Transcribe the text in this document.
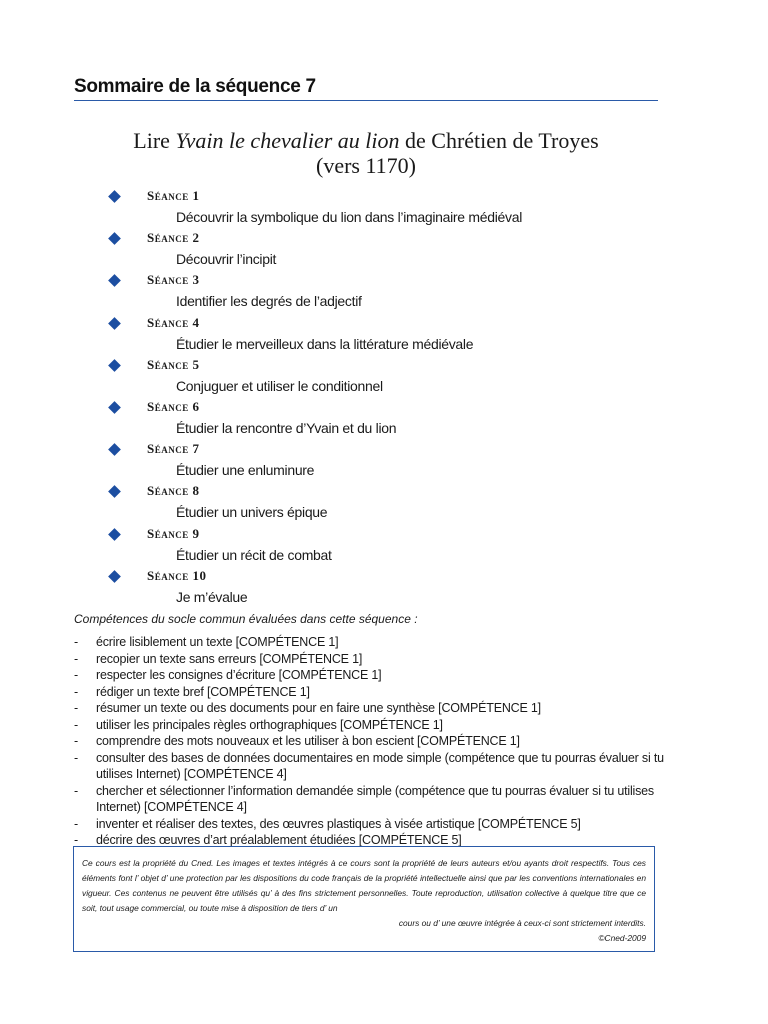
Sommaire de la séquence 7
Lire Yvain le chevalier au lion de Chrétien de Troyes
(vers 1170)
Séance 1
Découvrir la symbolique du lion dans l’imaginaire médiéval
Séance 2
Découvrir l’incipit
Séance 3
Identifier les degrés de l’adjectif
Séance 4
Étudier le merveilleux dans la littérature médiévale
Séance 5
Conjuguer et utiliser le conditionnel
Séance 6
Étudier la rencontre d’Yvain et du lion
Séance 7
Étudier une enluminure
Séance 8
Étudier un univers épique
Séance 9
Étudier un récit de combat
Séance 10
Je m’évalue
Compétences du socle commun évaluées dans cette séquence :
- écrire lisiblement un texte [COMPÉTENCE 1]
- recopier un texte sans erreurs [COMPÉTENCE 1]
- respecter les consignes d’écriture [COMPÉTENCE 1]
- rédiger un texte bref [COMPÉTENCE 1]
- résumer un texte ou des documents pour en faire une synthèse [COMPÉTENCE 1]
- utiliser les principales règles orthographiques [COMPÉTENCE 1]
- comprendre des mots nouveaux et les utiliser à bon escient [COMPÉTENCE 1]
- consulter des bases de données documentaires en mode simple (compétence que tu pourras évaluer si tu utilises Internet) [COMPÉTENCE 4]
- chercher et sélectionner l’information demandée simple (compétence que tu pourras évaluer si tu utilises Internet) [COMPÉTENCE 4]
- inventer et réaliser des textes, des œuvres plastiques à visée artistique [COMPÉTENCE 5]
- décrire des œuvres d’art préalablement étudiées [COMPÉTENCE 5]
Ce cours est la propriété du Cned. Les images et textes intégrés à ce cours sont la propriété de leurs auteurs et/ou ayants droit respectifs. Tous ces éléments font l’ objet d’ une protection par les dispositions du code français de la propriété intellectuelle ainsi que par les conventions internationales en vigueur. Ces contenus ne peuvent être utilisés qu’ à des fins strictement personnelles. Toute reproduction, utilisation collective à quelque titre que ce soit, tout usage commercial, ou toute mise à disposition de tiers d’ un
cours ou d’ une œuvre intégrée à ceux-ci sont strictement interdits.
©Cned-2009
